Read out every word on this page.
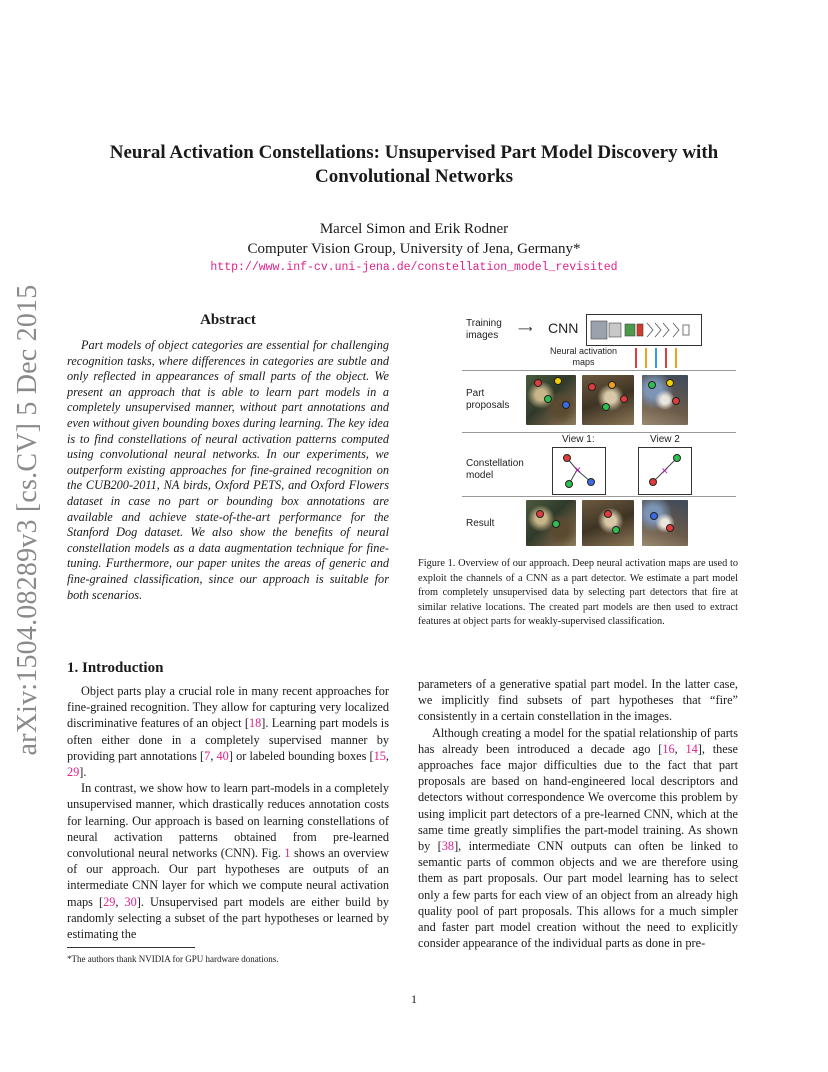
arXiv:1504.08289v3 [cs.CV] 5 Dec 2015
Neural Activation Constellations: Unsupervised Part Model Discovery with
Convolutional Networks
Marcel Simon and Erik Rodner
Computer Vision Group, University of Jena, Germany*
http://www.inf-cv.uni-jena.de/constellation_model_revisited
Abstract
Part models of object categories are essential for challenging recognition tasks, where differences in categories are subtle and only reflected in appearances of small parts of the object. We present an approach that is able to learn part models in a completely unsupervised manner, without part annotations and even without given bounding boxes during learning. The key idea is to find constellations of neural activation patterns computed using convolutional neural networks. In our experiments, we outperform existing approaches for fine-grained recognition on the CUB200-2011, NA birds, Oxford PETS, and Oxford Flowers dataset in case no part or bounding box annotations are available and achieve state-of-the-art performance for the Stanford Dog dataset. We also show the benefits of neural constellation models as a data augmentation technique for fine-tuning. Furthermore, our paper unites the areas of generic and fine-grained classification, since our approach is suitable for both scenarios.
1. Introduction

Object parts play a crucial role in many recent approaches for fine-grained recognition. They allow for capturing very localized discriminative features of an object [18]. Learning part models is often either done in a completely supervised manner by providing part annotations [7, 40] or labeled bounding boxes [15, 29].

In contrast, we show how to learn part-models in a completely unsupervised manner, which drastically reduces annotation costs for learning. Our approach is based on learning constellations of neural activation patterns obtained from pre-learned convolutional neural networks (CNN). Fig. 1 shows an overview of our approach. Our part hypotheses are outputs of an intermediate CNN layer for which we compute neural activation maps [29, 30]. Unsupervised part models are either build by randomly selecting a subset of the part hypotheses or learned by estimating the

parameters of a generative spatial part model. In the latter case, we implicitly find subsets of part hypotheses that “fire” consistently in a certain constellation in the images.

Although creating a model for the spatial relationship of parts has already been introduced a decade ago [16, 14], these approaches face major difficulties due to the fact that part proposals are based on hand-engineered local descriptors and detectors without correspondence We overcome this problem by using implicit part detectors of a pre-learned CNN, which at the same time greatly simplifies the part-model training. As shown by [38], intermediate CNN outputs can often be linked to semantic parts of common objects and we are therefore using them as part proposals. Our part model learning has to select only a few parts for each view of an object from an already high quality pool of part proposals. This allows for a much simpler and faster part model creation without the need to explicitly consider appearance of the individual parts as done in pre-

Training
images
⟶ CNN
Neural activation
maps
Part
proposals
View 1:	View 2
Constellation
model	✕	✕
Result
Figure 1. Overview of our approach. Deep neural activation maps are used to exploit the channels of a CNN as a part detector. We estimate a part model from completely unsupervised data by selecting part detectors that fire at similar relative locations. The created part models are then used to extract features at object parts for weakly-supervised classification.
*The authors thank NVIDIA for GPU hardware donations.
1
